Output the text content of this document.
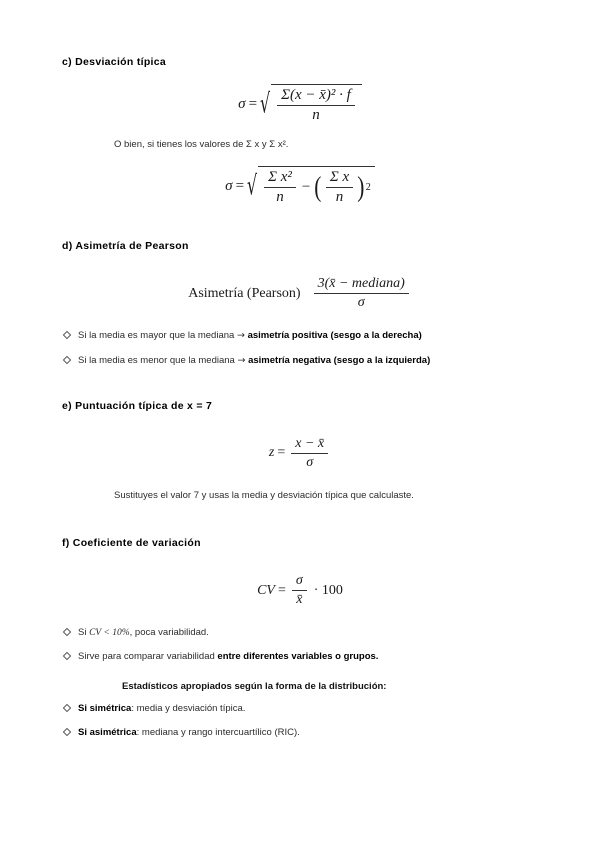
c) Desviación típica
σ = √ $\frac{\text{Σ(x − x̄)² · f}}{n}$
O bien, si tienes los valores de Σ x y Σ x².
σ = √ $\frac{\text{Σ x²}}{n}$ − ( $\frac{\text{Σ x}}{n}$ ) 2
d) Asimetría de Pearson
Asimetría (Pearson) $\frac{\text{3(x̄ − mediana)}}{\sigma}$
Si la media es mayor que la mediana → asimetría positiva (sesgo a la derecha)
Si la media es menor que la mediana → asimetría negativa (sesgo a la izquierda)
e) Puntuación típica de x = 7
$z = \frac{x - x̄}{\sigma}$
Sustituyes el valor 7 y usas la media y desviación típica que calculaste.
f) Coeficiente de variación
CV = $\frac{\sigma}{x̄} \cdot 100$
Si CV < 10%, poca variabilidad.
Sirve para comparar variabilidad entre diferentes variables o grupos.
Estadísticos apropiados según la forma de la distribución:
Si simétrica: media y desviación típica.
Si asimétrica: mediana y rango intercuartílico (RIC).
